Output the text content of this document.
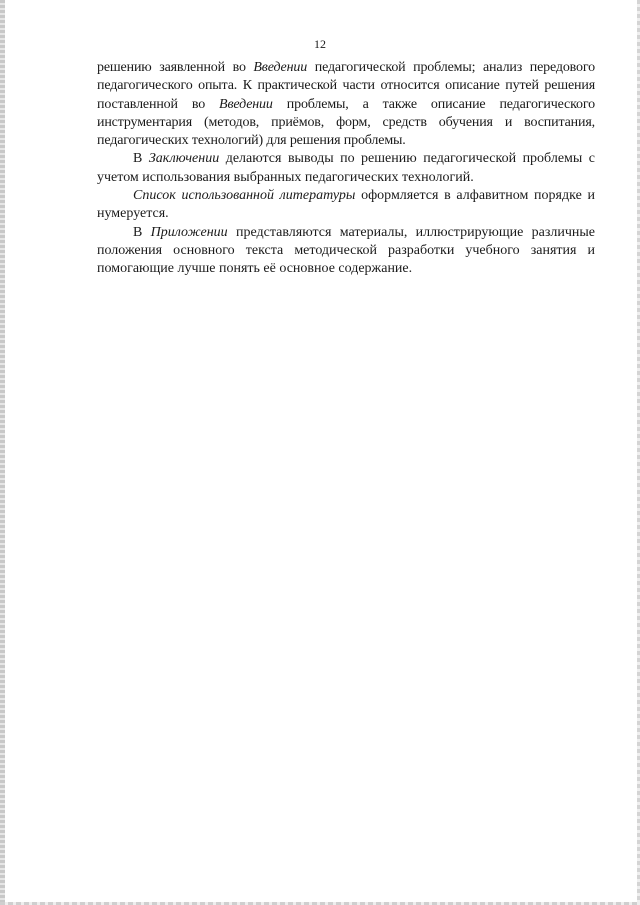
12

решению заявленной во Введении педагогической проблемы; анализ передового педагогического опыта. К практической части относится описание путей решения поставленной во Введении проблемы, а также описание педагогического инструментария (методов, приёмов, форм, средств обучения и воспитания, педагогических технологий) для решения проблемы.

В Заключении делаются выводы по решению педагогической проблемы с учетом использования выбранных педагогических технологий.

Список использованной литературы оформляется в алфавитном порядке и нумеруется.

В Приложении представляются материалы, иллюстрирующие различные положения основного текста методической разработки учебного занятия и помогающие лучше понять её основное содержание.
